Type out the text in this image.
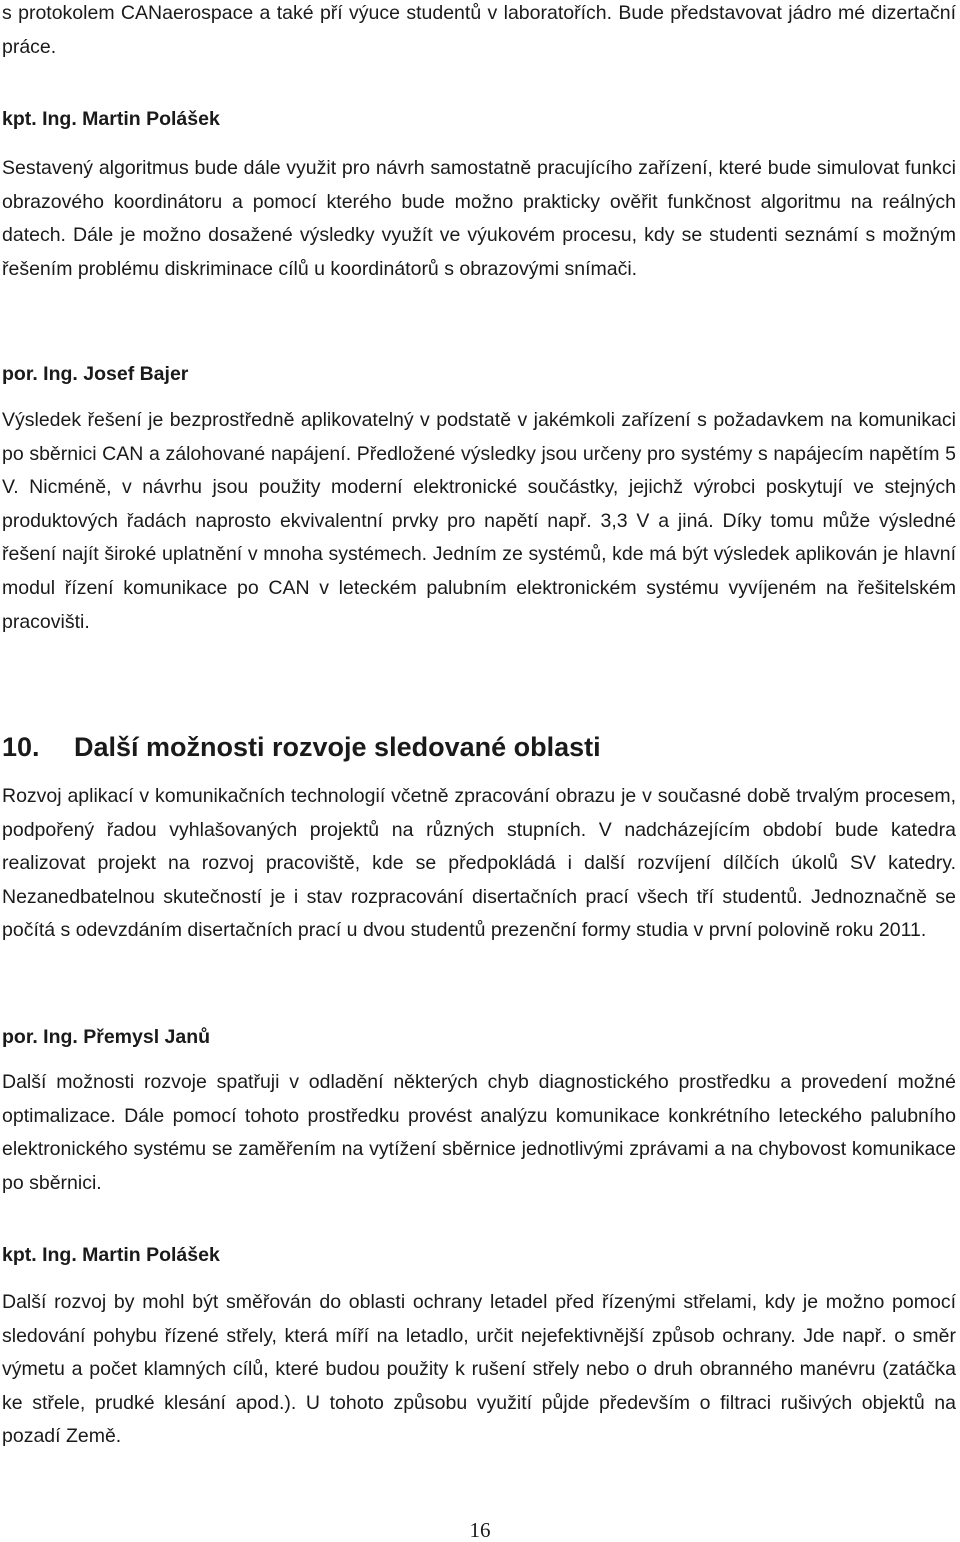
s protokolem CANaerospace a také pří výuce studentů v laboratořích. Bude představovat jádro mé dizertační práce.

kpt. Ing. Martin Polášek

Sestavený algoritmus bude dále využit pro návrh samostatně pracujícího zařízení, které bude simulovat funkci obrazového koordinátoru a pomocí kterého bude možno prakticky ověřit funkčnost algoritmu na reálných datech. Dále je možno dosažené výsledky využít ve výukovém procesu, kdy se studenti seznámí s možným řešením problému diskriminace cílů u koordinátorů s obrazovými snímači.

por. Ing. Josef Bajer

Výsledek řešení je bezprostředně aplikovatelný v podstatě v jakémkoli zařízení s požadavkem na komunikaci po sběrnici CAN a zálohované napájení. Předložené výsledky jsou určeny pro systémy s napájecím napětím 5 V. Nicméně, v návrhu jsou použity moderní elektronické součástky, jejichž výrobci poskytují ve stejných produktových řadách naprosto ekvivalentní prvky pro napětí např. 3,3 V a jiná. Díky tomu může výsledné řešení najít široké uplatnění v mnoha systémech. Jedním ze systémů, kde má být výsledek aplikován je hlavní modul řízení komunikace po CAN v leteckém palubním elektronickém systému vyvíjeném na řešitelském pracovišti.

10. Další možnosti rozvoje sledované oblasti

Rozvoj aplikací v komunikačních technologií včetně zpracování obrazu je v současné době trvalým procesem, podpořený řadou vyhlašovaných projektů na různých stupních. V nadcházejícím období bude katedra realizovat projekt na rozvoj pracoviště, kde se předpokládá i další rozvíjení dílčích úkolů SV katedry. Nezanedbatelnou skutečností je i stav rozpracování disertačních prací všech tří studentů. Jednoznačně se počítá s odevzdáním disertačních prací u dvou studentů prezenční formy studia v první polovině roku 2011.

por. Ing. Přemysl Janů

Další možnosti rozvoje spatřuji v odladění některých chyb diagnostického prostředku a provedení možné optimalizace. Dále pomocí tohoto prostředku provést analýzu komunikace konkrétního leteckého palubního elektronického systému se zaměřením na vytížení sběrnice jednotlivými zprávami a na chybovost komunikace po sběrnici.

kpt. Ing. Martin Polášek

Další rozvoj by mohl být směřován do oblasti ochrany letadel před řízenými střelami, kdy je možno pomocí sledování pohybu řízené střely, která míří na letadlo, určit nejefektivnější způsob ochrany. Jde např. o směr výmetu a počet klamných cílů, které budou použity k rušení střely nebo o druh obranného manévru (zatáčka ke střele, prudké klesání apod.). U tohoto způsobu využití půjde především o filtraci rušivých objektů na pozadí Země.

16
